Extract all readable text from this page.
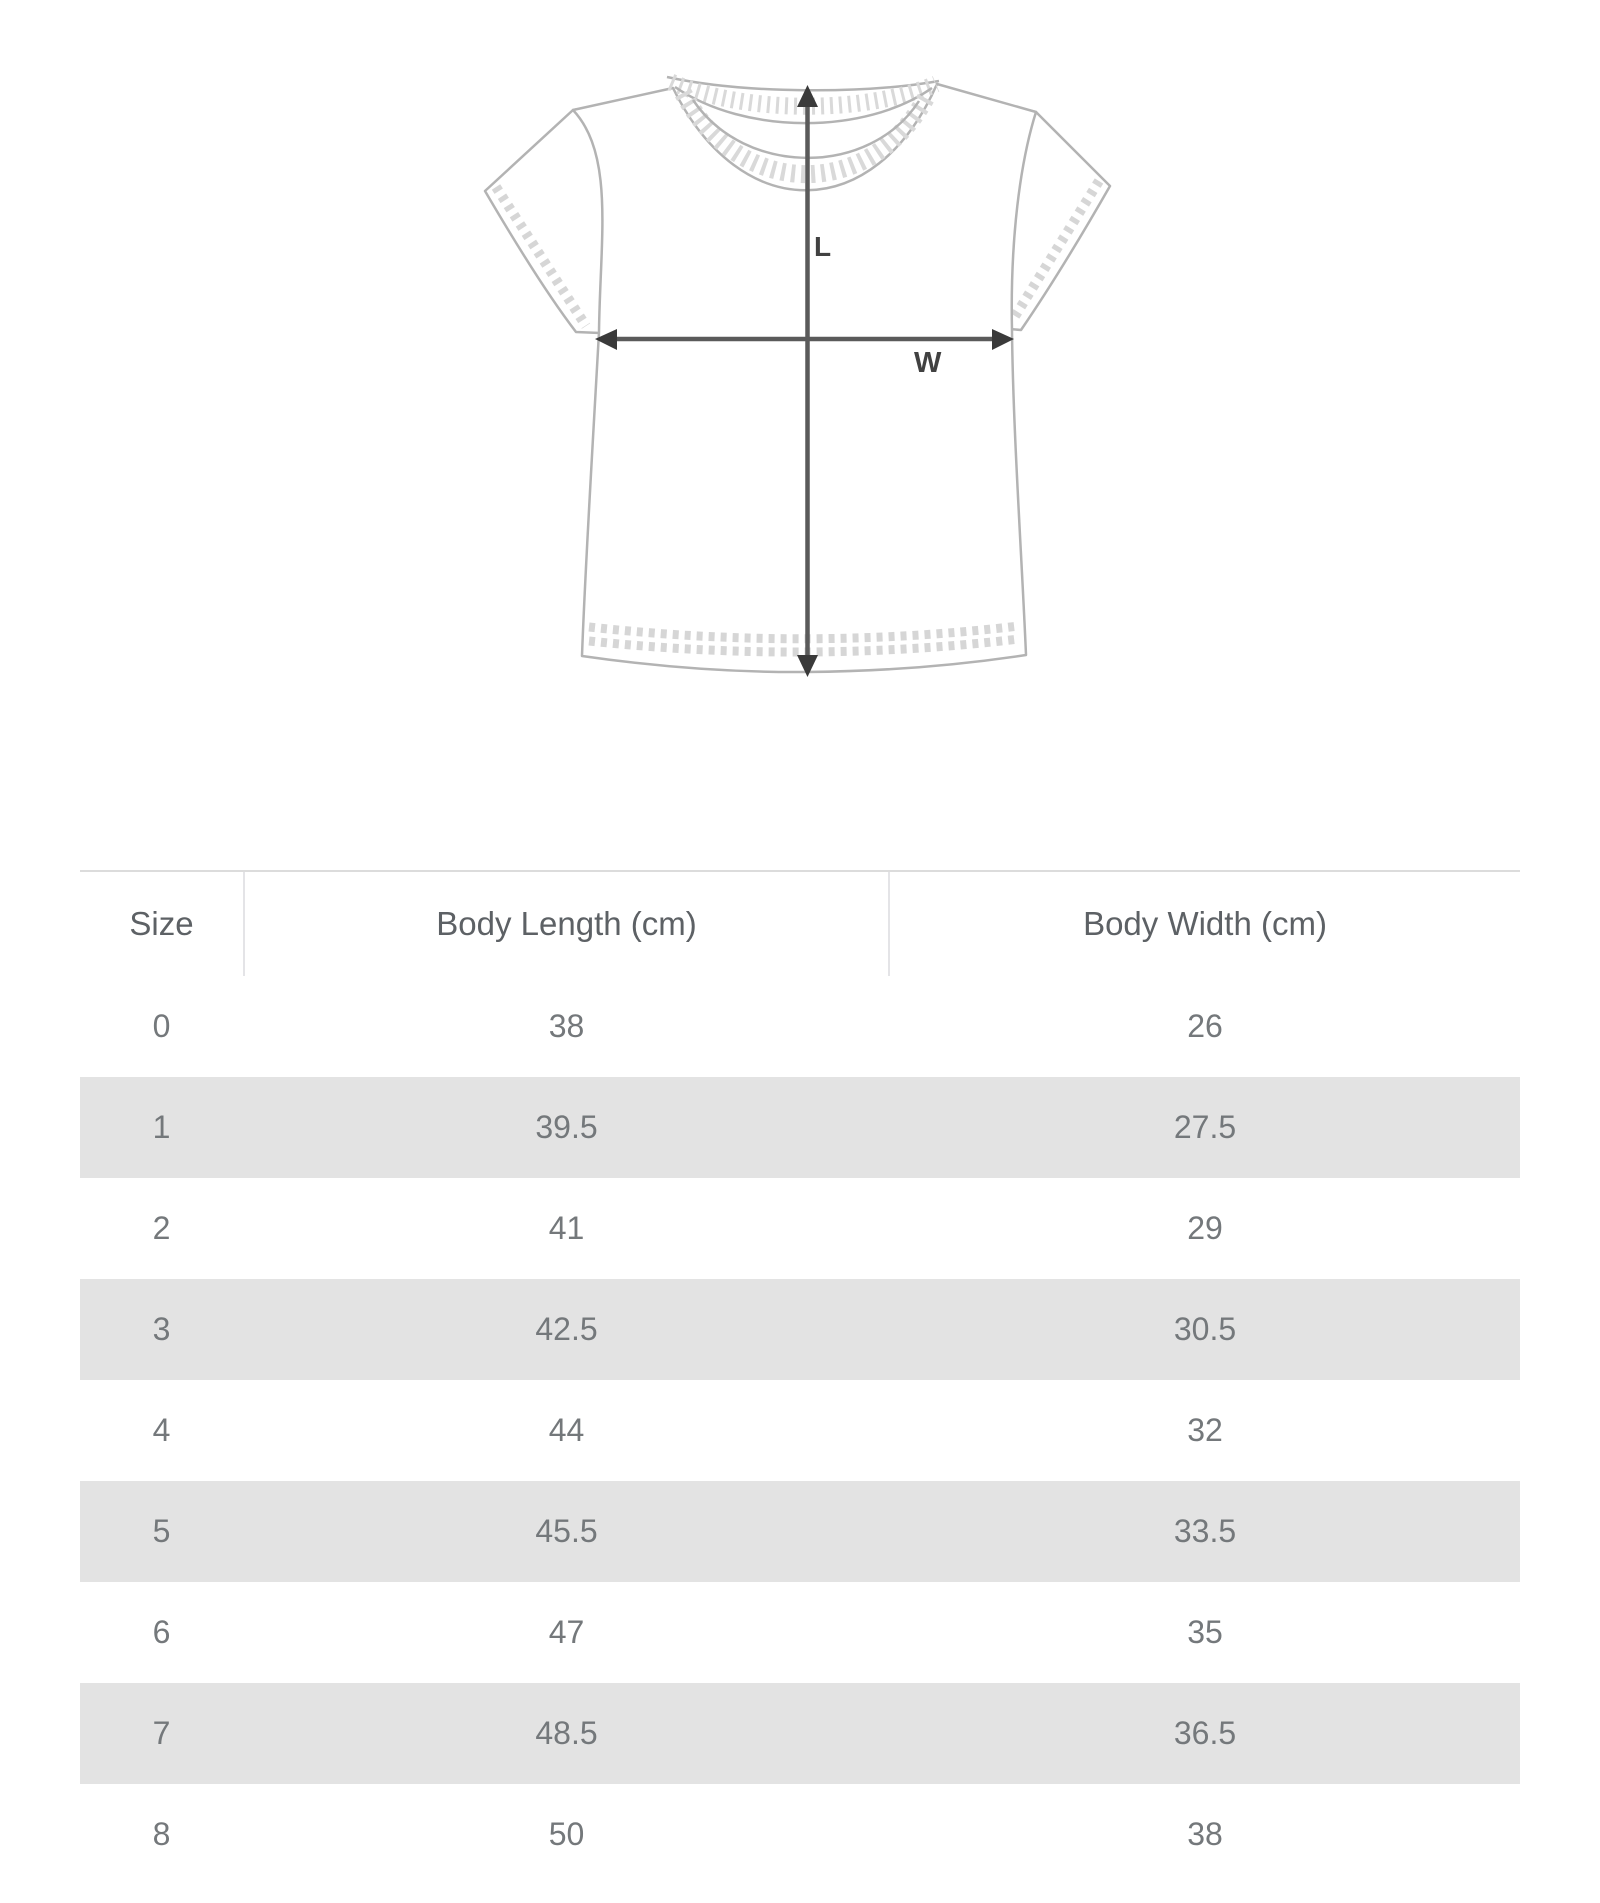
L
W
Size	Body Length (cm)	Body Width (cm)
0	38	26
1	39.5	27.5
2	41	29
3	42.5	30.5
4	44	32
5	45.5	33.5
6	47	35
7	48.5	36.5
8	50	38
